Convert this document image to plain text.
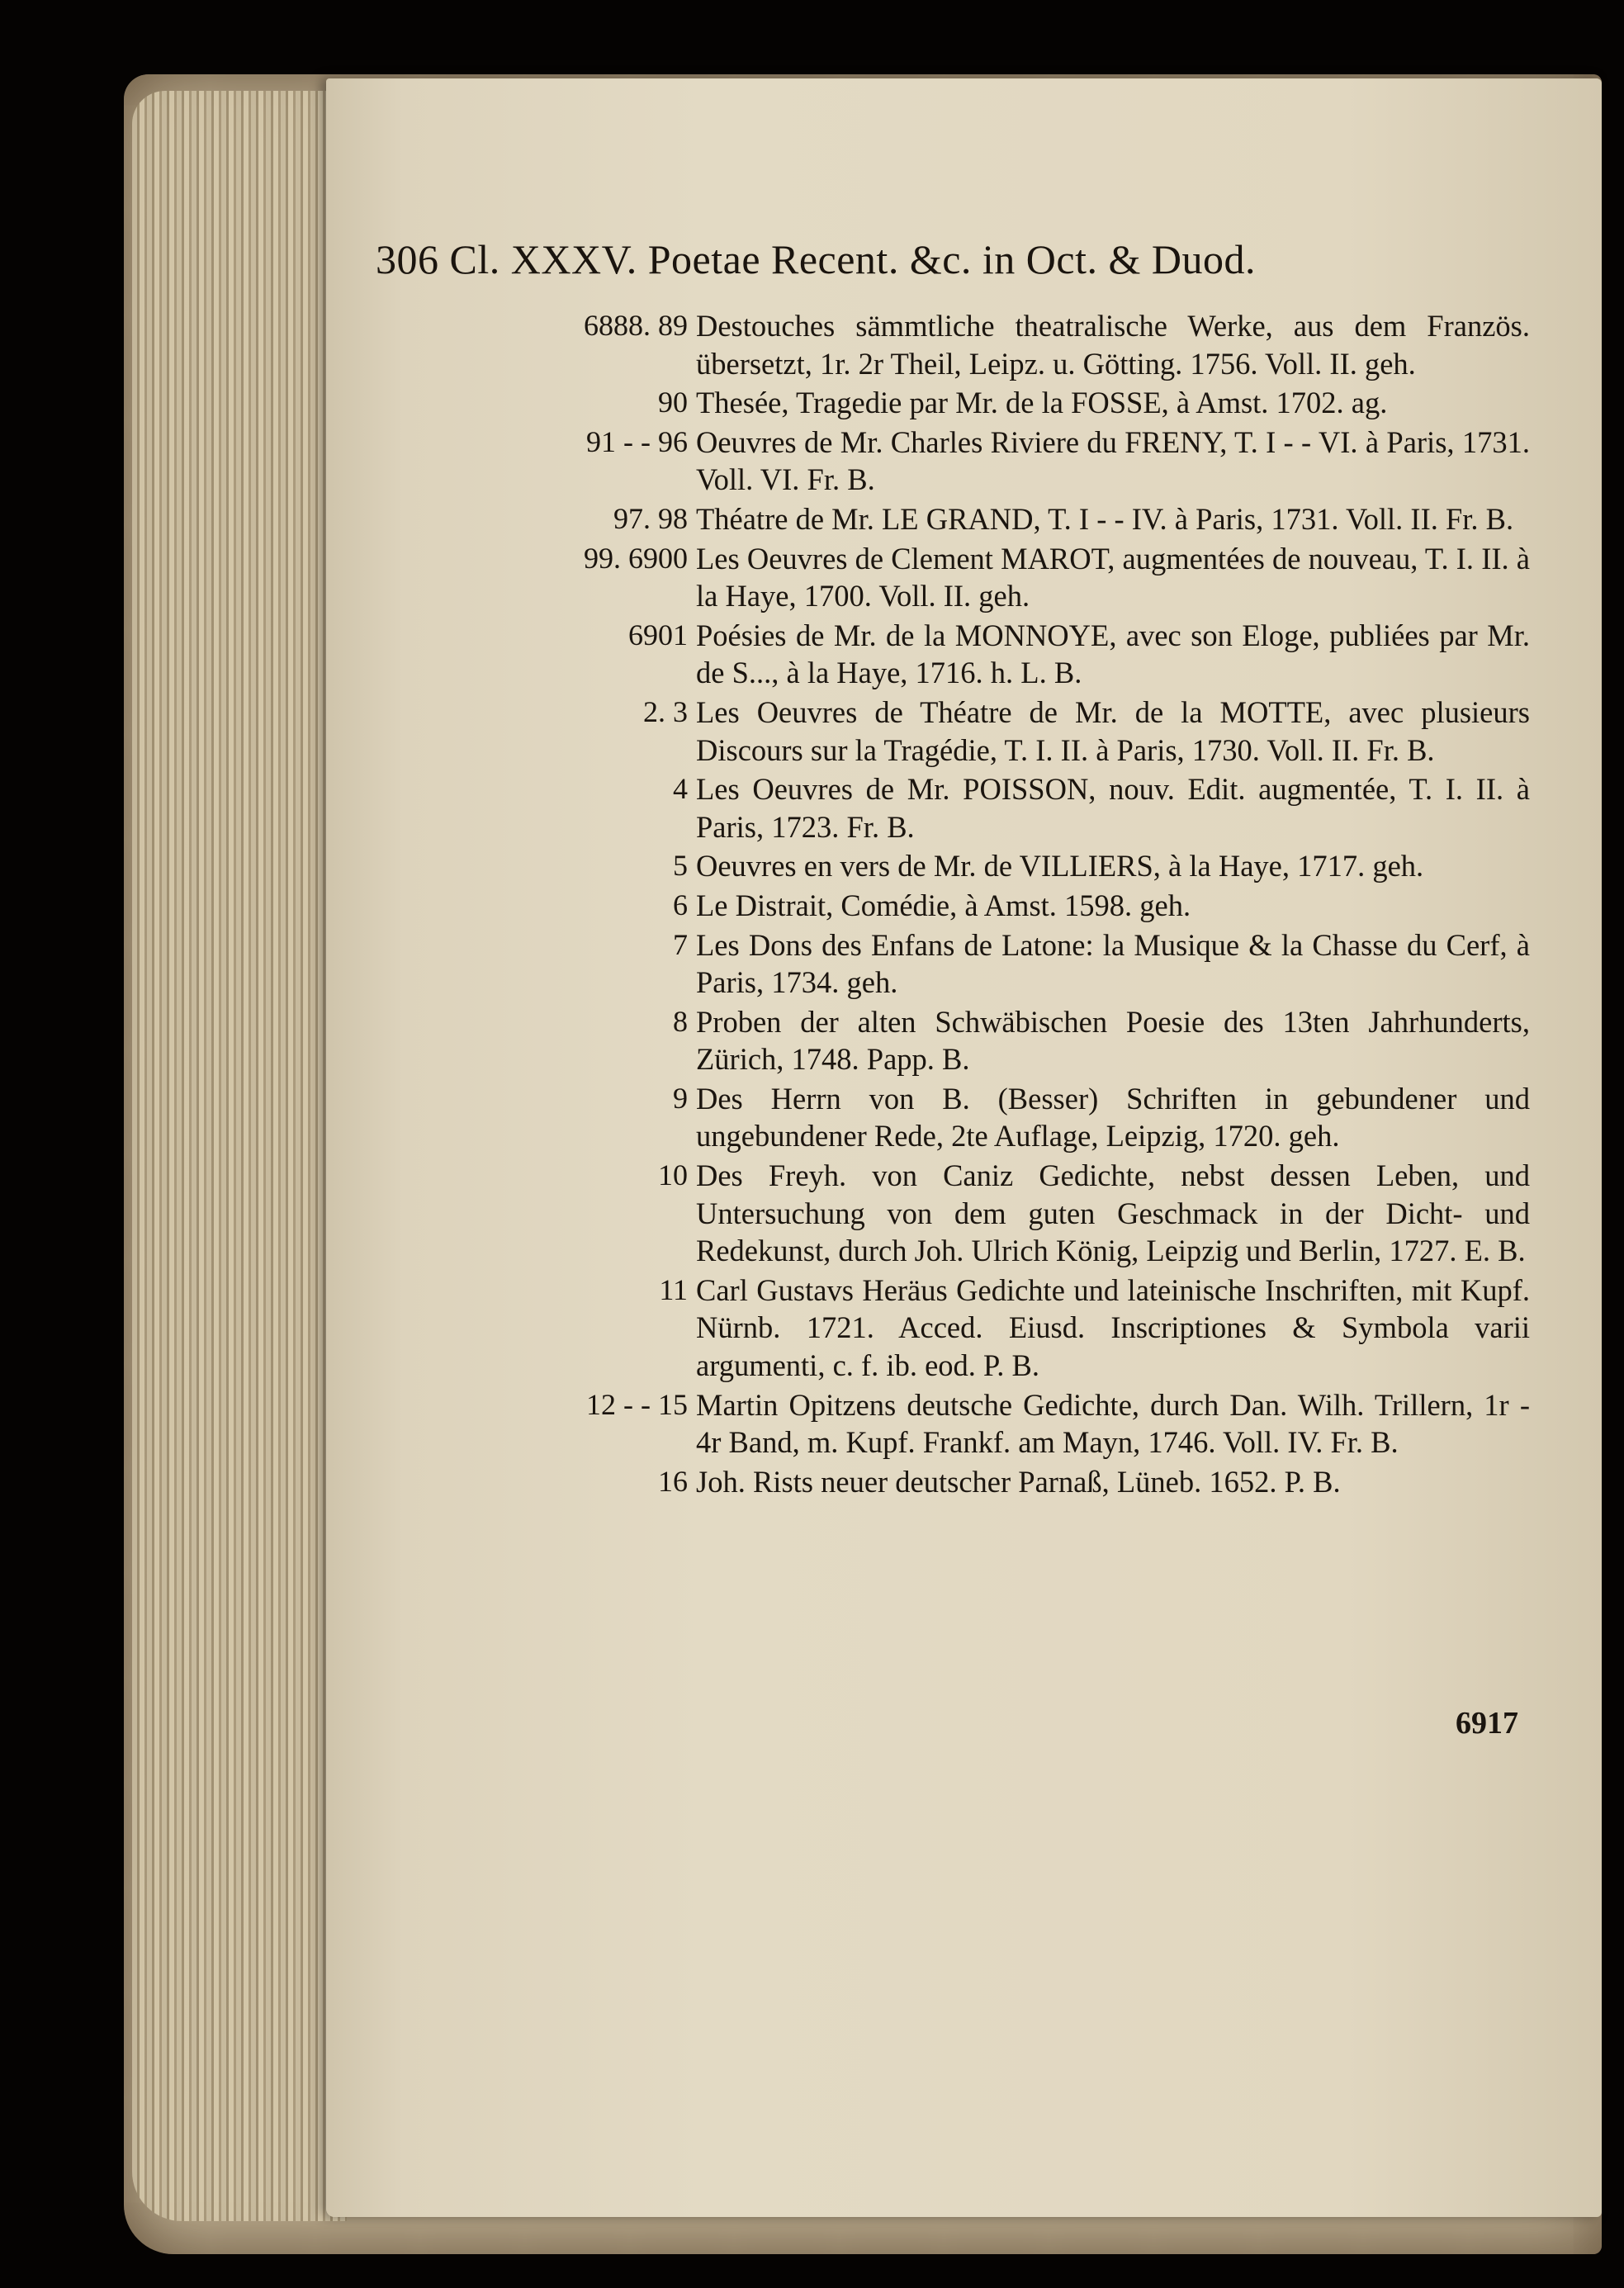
306 Cl. XXXV. Poetae Recent. &c. in Oct. & Duod.
6888. 89 Destouches sämmtliche theatralische Werke, aus dem Französ. übersetzt, 1r. 2r Theil, Leipz. u. Götting. 1756. Voll. II. geh.
90 Thesée, Tragedie par Mr. de la FOSSE, à Amst. 1702. ag.
91 - - 96 Oeuvres de Mr. Charles Riviere du FRENY, T. I - - VI. à Paris, 1731. Voll. VI. Fr. B.
97. 98 Théatre de Mr. LE GRAND, T. I - - IV. à Paris, 1731. Voll. II. Fr. B.
99. 6900 Les Oeuvres de Clement MAROT, augmentées de nouveau, T. I. II. à la Haye, 1700. Voll. II. geh.
6901 Poésies de Mr. de la MONNOYE, avec son Eloge, publiées par Mr. de S..., à la Haye, 1716. h. L. B.
2. 3 Les Oeuvres de Théatre de Mr. de la MOTTE, avec plusieurs Discours sur la Tragédie, T. I. II. à Paris, 1730. Voll. II. Fr. B.
4 Les Oeuvres de Mr. POISSON, nouv. Edit. augmentée, T. I. II. à Paris, 1723. Fr. B.
5 Oeuvres en vers de Mr. de VILLIERS, à la Haye, 1717. geh.
6 Le Distrait, Comédie, à Amst. 1598. geh.
7 Les Dons des Enfans de Latone: la Musique & la Chasse du Cerf, à Paris, 1734. geh.
8 Proben der alten Schwäbischen Poesie des 13ten Jahrhunderts, Zürich, 1748. Papp. B.
9 Des Herrn von B. (Besser) Schriften in gebundener und ungebundener Rede, 2te Auflage, Leipzig, 1720. geh.
10 Des Freyh. von Caniz Gedichte, nebst dessen Leben, und Untersuchung von dem guten Geschmack in der Dicht- und Redekunst, durch Joh. Ulrich König, Leipzig und Berlin, 1727. E. B.
11 Carl Gustavs Heräus Gedichte und lateinische Inschriften, mit Kupf. Nürnb. 1721. Acced. Eiusd. Inscriptiones & Symbola varii argumenti, c. f. ib. eod. P. B.
12 - - 15 Martin Opitzens deutsche Gedichte, durch Dan. Wilh. Trillern, 1r - 4r Band, m. Kupf. Frankf. am Mayn, 1746. Voll. IV. Fr. B.
16 Joh. Rists neuer deutscher Parnaß, Lüneb. 1652. P. B.
6917
